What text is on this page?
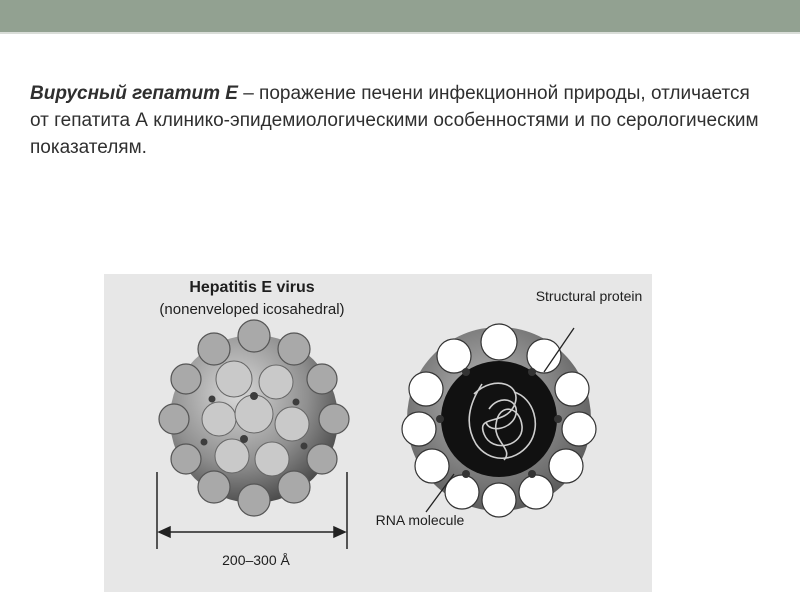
Вирусный гепатит Е – поражение печени инфекционной природы, отличается от гепатита А клинико-эпидемиологическими особенностями и по серологическим показателям.
Hepatitis E virus
(nonenveloped icosahedral)
Structural protein
RNA molecule
200–300 Å
